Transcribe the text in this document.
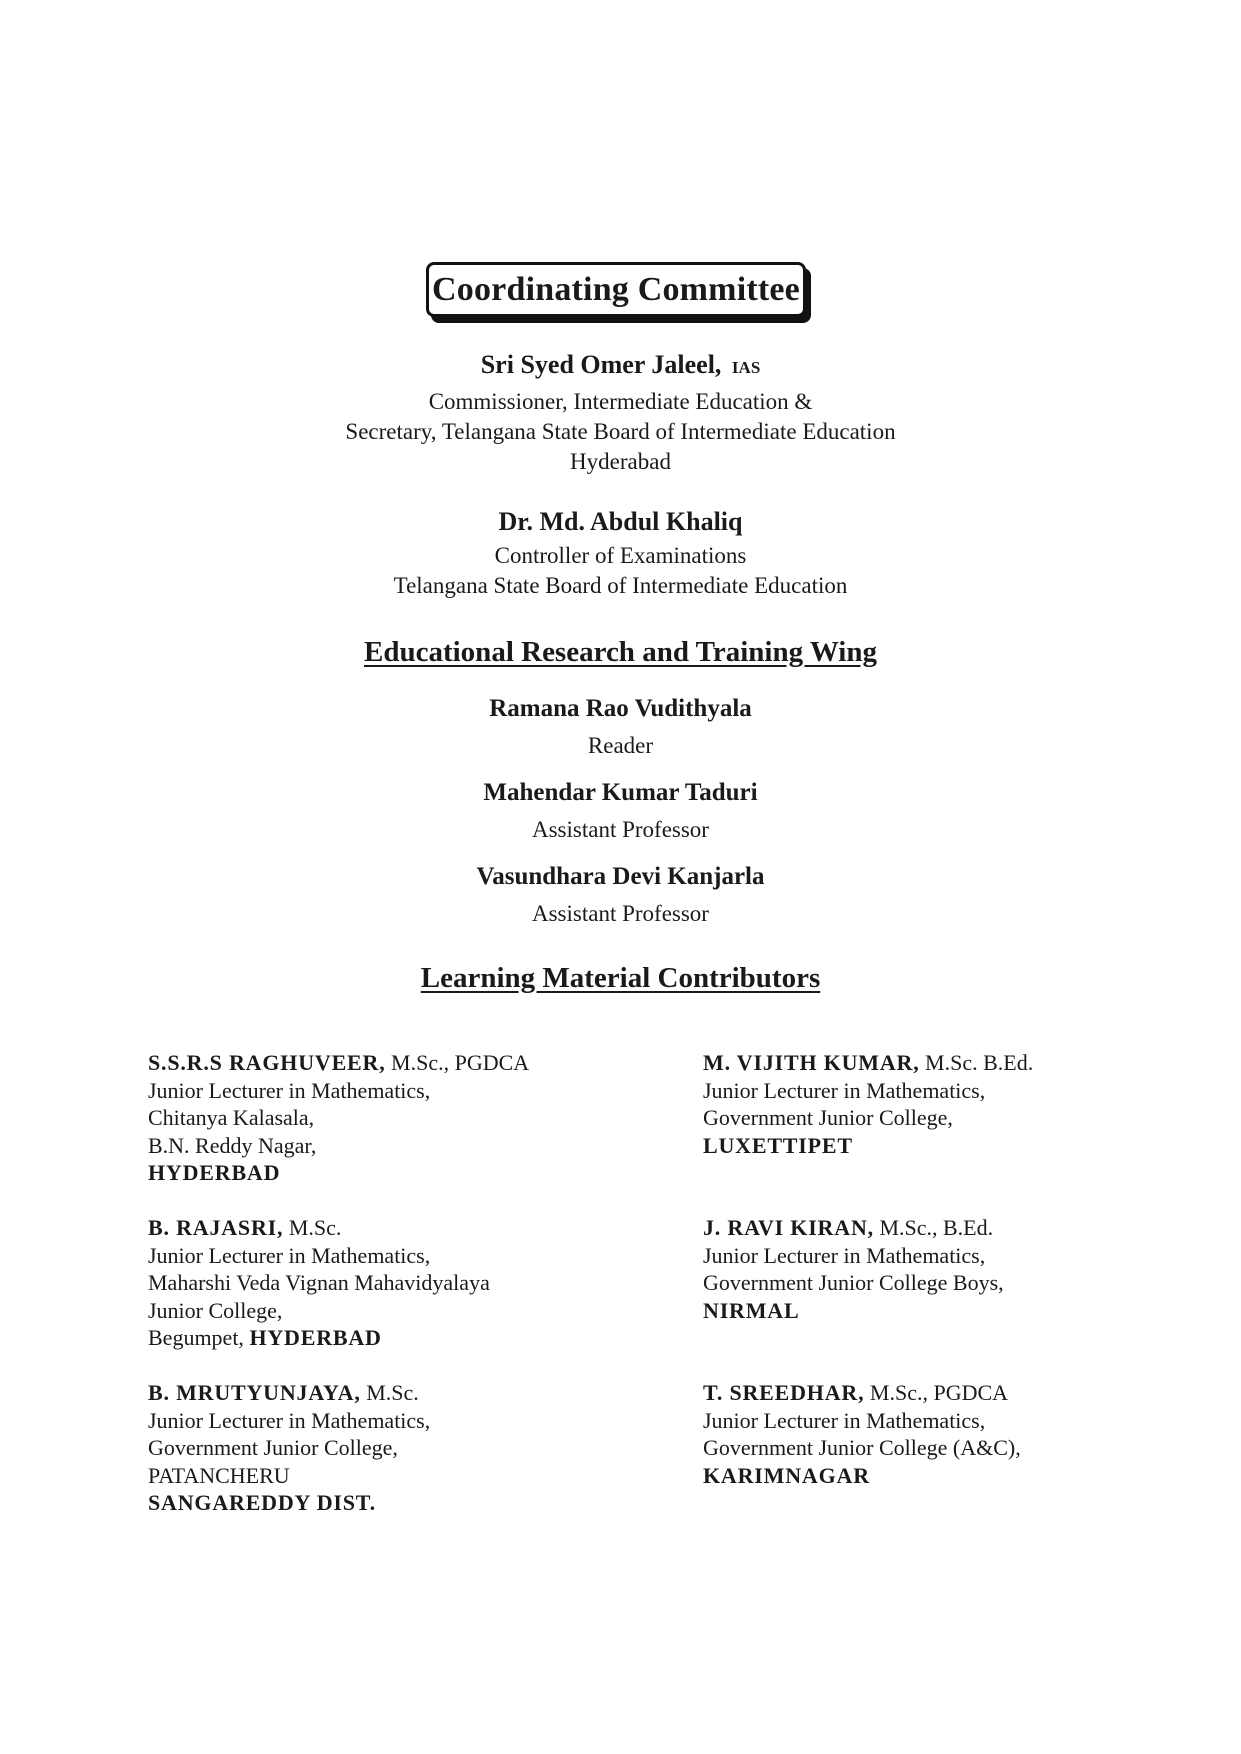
Coordinating Committee
Sri Syed Omer Jaleel, IAS
Commissioner, Intermediate Education &
Secretary, Telangana State Board of Intermediate Education
Hyderabad
Dr. Md. Abdul Khaliq
Controller of Examinations
Telangana State Board of Intermediate Education
Educational Research and Training Wing
Ramana Rao Vudithyala
Reader
Mahendar Kumar Taduri
Assistant Professor
Vasundhara Devi Kanjarla
Assistant Professor
Learning Material Contributors
S.S.R.S RAGHUVEER, M.Sc., PGDCA
Junior Lecturer in Mathematics,
Chitanya Kalasala,
B.N. Reddy Nagar,
HYDERBAD
B. RAJASRI, M.Sc.
Junior Lecturer in Mathematics,
Maharshi Veda Vignan Mahavidyalaya
Junior College,
Begumpet, HYDERBAD
B. MRUTYUNJAYA, M.Sc.
Junior Lecturer in Mathematics,
Government Junior College,
PATANCHERU
SANGAREDDY DIST.
M. VIJITH KUMAR, M.Sc. B.Ed.
Junior Lecturer in Mathematics,
Government Junior College,
LUXETTIPET
J. RAVI KIRAN, M.Sc., B.Ed.
Junior Lecturer in Mathematics,
Government Junior College Boys,
NIRMAL
T. SREEDHAR, M.Sc., PGDCA
Junior Lecturer in Mathematics,
Government Junior College (A&C),
KARIMNAGAR
